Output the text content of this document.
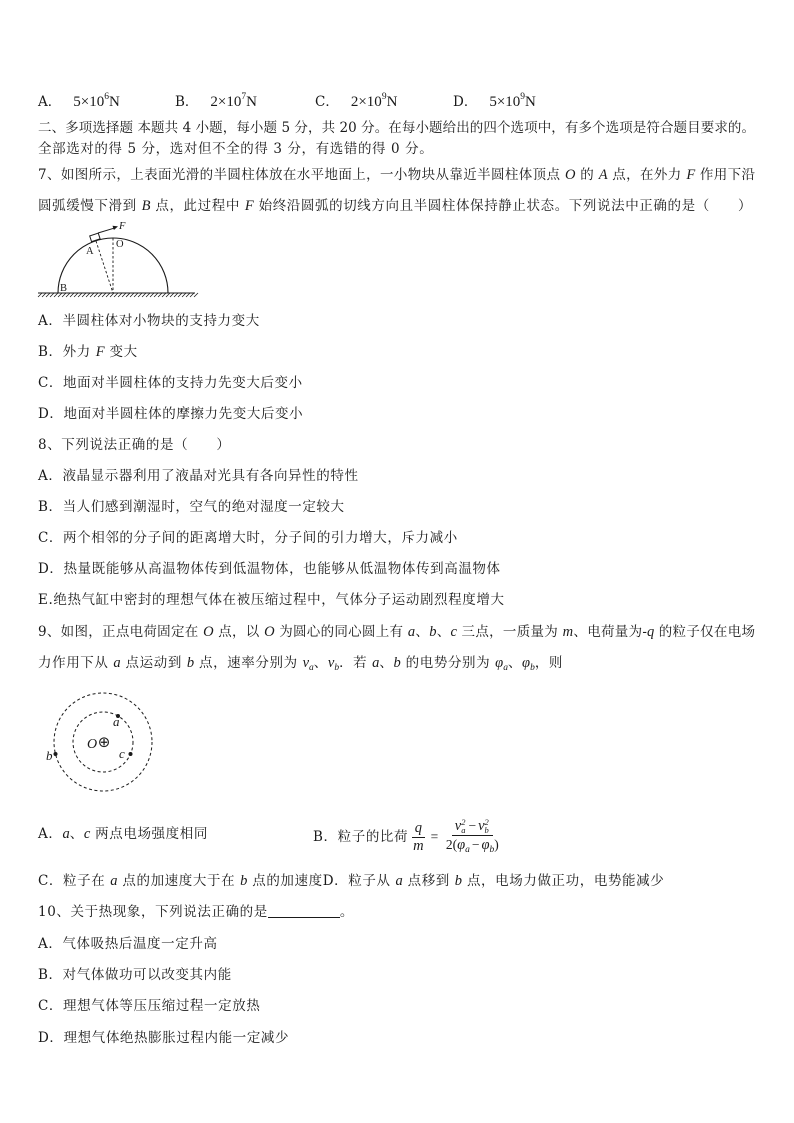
A． $5\times 10^6N$	B． $2\times 10^7N$	C． $2\times 10^9N$	D． $5\times 10^9N$
二、多项选择题 本题共 4 小题，每小题 5 分，共 20 分。在每小题给出的四个选项中，有多个选项是符合题目要求的。
全部选对的得 5 分，选对但不全的得 3 分，有选错的得 0 分。
7、如图所示，上表面光滑的半圆柱体放在水平地面上，一小物块从靠近半圆柱体顶点 O 的 A 点，在外力 F 作用下沿
圆弧缓慢下滑到 B 点，此过程中 F 始终沿圆弧的切线方向且半圆柱体保持静止状态。下列说法中正确的是（　　）
F
A
O
B
A．半圆柱体对小物块的支持力变大
B．外力 F 变大
C．地面对半圆柱体的支持力先变大后变小
D．地面对半圆柱体的摩擦力先变大后变小
8、下列说法正确的是（　　）
A．液晶显示器利用了液晶对光具有各向异性的特性
B．当人们感到潮湿时，空气的绝对湿度一定较大
C．两个相邻的分子间的距离增大时，分子间的引力增大，斥力减小
D．热量既能够从高温物体传到低温物体，也能够从低温物体传到高温物体
E.绝热气缸中密封的理想气体在被压缩过程中，气体分子运动剧烈程度增大
9、如图，正点电荷固定在 O 点，以 O 为圆心的同心圆上有 a、b、c 三点，一质量为 m、电荷量为-q 的粒子仅在电场
力作用下从 a 点运动到 b 点，速率分别为 $v_a$、$v_b$．若 a、b 的电势分别为 $\varphi_a$、$\varphi_b$，则
a
c
b
O ⊕
A．a、c 两点电场强度相同	B．粒子的比荷 $\frac{q}{m} = v$ 2
a − v 2
b
$2(\varphi_a - \varphi_b)$
C．粒子在 a 点的加速度大于在 b 点的加速度D．粒子从 a 点移到 b 点，电场力做正功，电势能减少
10、关于热现象，下列说法正确的是	。
A．气体吸热后温度一定升高
B．对气体做功可以改变其内能
C．理想气体等压压缩过程一定放热
D．理想气体绝热膨胀过程内能一定减少
